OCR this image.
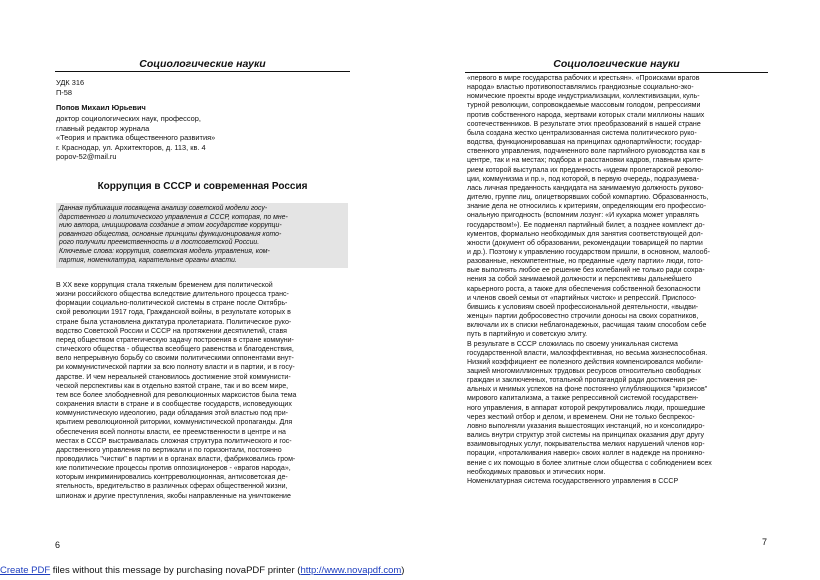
Социологические науки
УДК 316
П-58
Попов Михаил Юрьевич
доктор социологических наук, профессор,
главный редактор журнала
«Теория и практика общественного развития»
г. Краснодар, ул. Архитекторов, д. 113, кв. 4
popov-52@mail.ru
Коррупция в СССР и современная Россия
Данная публикация посвящена анализу советской модели госу-
дарственного и политического управления в СССР, которая, по мне-
нию автора, инициировала создание в этом государстве коррупци-
рованного общества, основные принципы функционирования кото-
рого получили преемственность и в постсоветской России.
Ключевые слова: коррупция, советская модель управления, ком-
партия, номенклатура, карательные органы власти.
В XX веке коррупция стала тяжелым бременем для политической
жизни российского общества вследствие длительного процесса транс-
формации социально-политической системы в стране после Октябрь-
ской революции 1917 года, Гражданской войны, в результате которых в
стране была установлена диктатура пролетариата. Политическое руко-
водство Советской России и СССР на протяжении десятилетий, ставя
перед обществом стратегическую задачу построения в стране коммуни-
стического общества - общества всеобщего равенства и благоденствия,
вело непрерывную борьбу со своими политическими оппонентами внут-
ри коммунистической партии за всю полноту власти и в партии, и в госу-
дарстве. И чем нереальней становилось достижение этой коммунисти-
ческой перспективы как в отдельно взятой стране, так и во всем мире,
тем все более злободневной для революционных марксистов была тема
сохранения власти в стране и в сообществе государств, исповедующих
коммунистическую идеологию, ради обладания этой властью под при-
крытием революционной риторики, коммунистической пропаганды. Для
обеспечения всей полноты власти, ее преемственности в центре и на
местах в СССР выстраивалась сложная структура политического и гос-
дарственного управления по вертикали и по горизонтали, постоянно
проводились "чистки" в партии и в органах власти, фабриковались гром-
кие политические процессы против оппозиционеров - «врагов народа»,
которым инкриминировались контрреволюционная, антисоветская де-
ятельность, вредительство в различных сферах общественной жизни,
шпионаж и другие преступления, якобы направленные на уничтожение
6
Социологические науки
«первого в мире государства рабочих и крестьян». «Происками врагов
народа» властью противопоставлялись грандиозные социально-эко-
номические проекты вроде индустриализации, коллективизации, куль-
турной революции, сопровождаемые массовым голодом, репрессиями
против собственного народа, жертвами которых стали миллионы наших
соотечественников. В результате этих преобразований в нашей стране
была создана жестко централизованная система политического руко-
водства, функционировавшая на принципах однопартийности; государ-
ственного управления, подчиненного воле партийного руководства как в
центре, так и на местах; подбора и расстановки кадров, главным крите-
рием которой выступала их преданность «идеям пролетарской револю-
ции, коммунизма и пр.», под которой, в первую очередь, подразумева-
лась личная преданность кандидата на занимаемую должность руково-
дителю, группе лиц, олицетворявших собой компартию. Образованность,
знание дела не относились к критериям, определяющим его профессио-
ональную пригодность (вспомним лозунг: «И кухарка может управлять
государством!»). Ее подменял партийный билет, а позднее комплект до-
кументов, формально необходимых для занятия соответствующей дол-
жности (документ об образовании, рекомендации товарищей по партии
и др.). Поэтому к управлению государством пришли, в основном, малооб-
разованные, некомпетентные, но преданные «делу партии» люди, гото-
вые выполнять любое ее решение без колебаний не только ради сохра-
нения за собой занимаемой должности и перспективы дальнейшего
карьерного роста, а также для обеспечения собственной безопасности
и членов своей семьи от «партийных чисток» и репрессий. Приспосо-
бившись к условиям своей профессиональной деятельности, «выдви-
женцы» партии добросовестно строчили доносы на своих соратников,
включали их в списки неблагонадежных, расчищая таким способом себе
путь в партийную и советскую элиту.
В результате в СССР сложилась по своему уникальная система
государственной власти, малоэффективная, но весьма жизнеспособная.
Низкий коэффициент ее полезного действия компенсировался мобили-
зацией многомиллионных трудовых ресурсов относительно свободных
граждан и заключенных, тотальной пропагандой ради достижения ре-
альных и мнимых успехов на фоне постоянно углубляющихся "кризисов"
мирового капитализма, а также репрессивной системой государствен-
ного управления, в аппарат которой рекрутировались люди, прошедшие
через жесткий отбор и делом, и временем. Они не только беспрекос-
ловно выполняли указания вышестоящих инстанций, но и консолидиро-
вались внутри структур этой системы на принципах оказания друг другу
взаимовыгодных услуг, покрывательства мелких нарушений членов кор-
порации, «проталкивания наверх» своих коллег в надежде на проникно-
вение с их помощью в более элитные слои общества с соблюдением всех
необходимых правовых и этических норм.
Номенклатурная система государственного управления в СССР
7
Create PDF files without this message by purchasing novaPDF printer (http://www.novapdf.com)
